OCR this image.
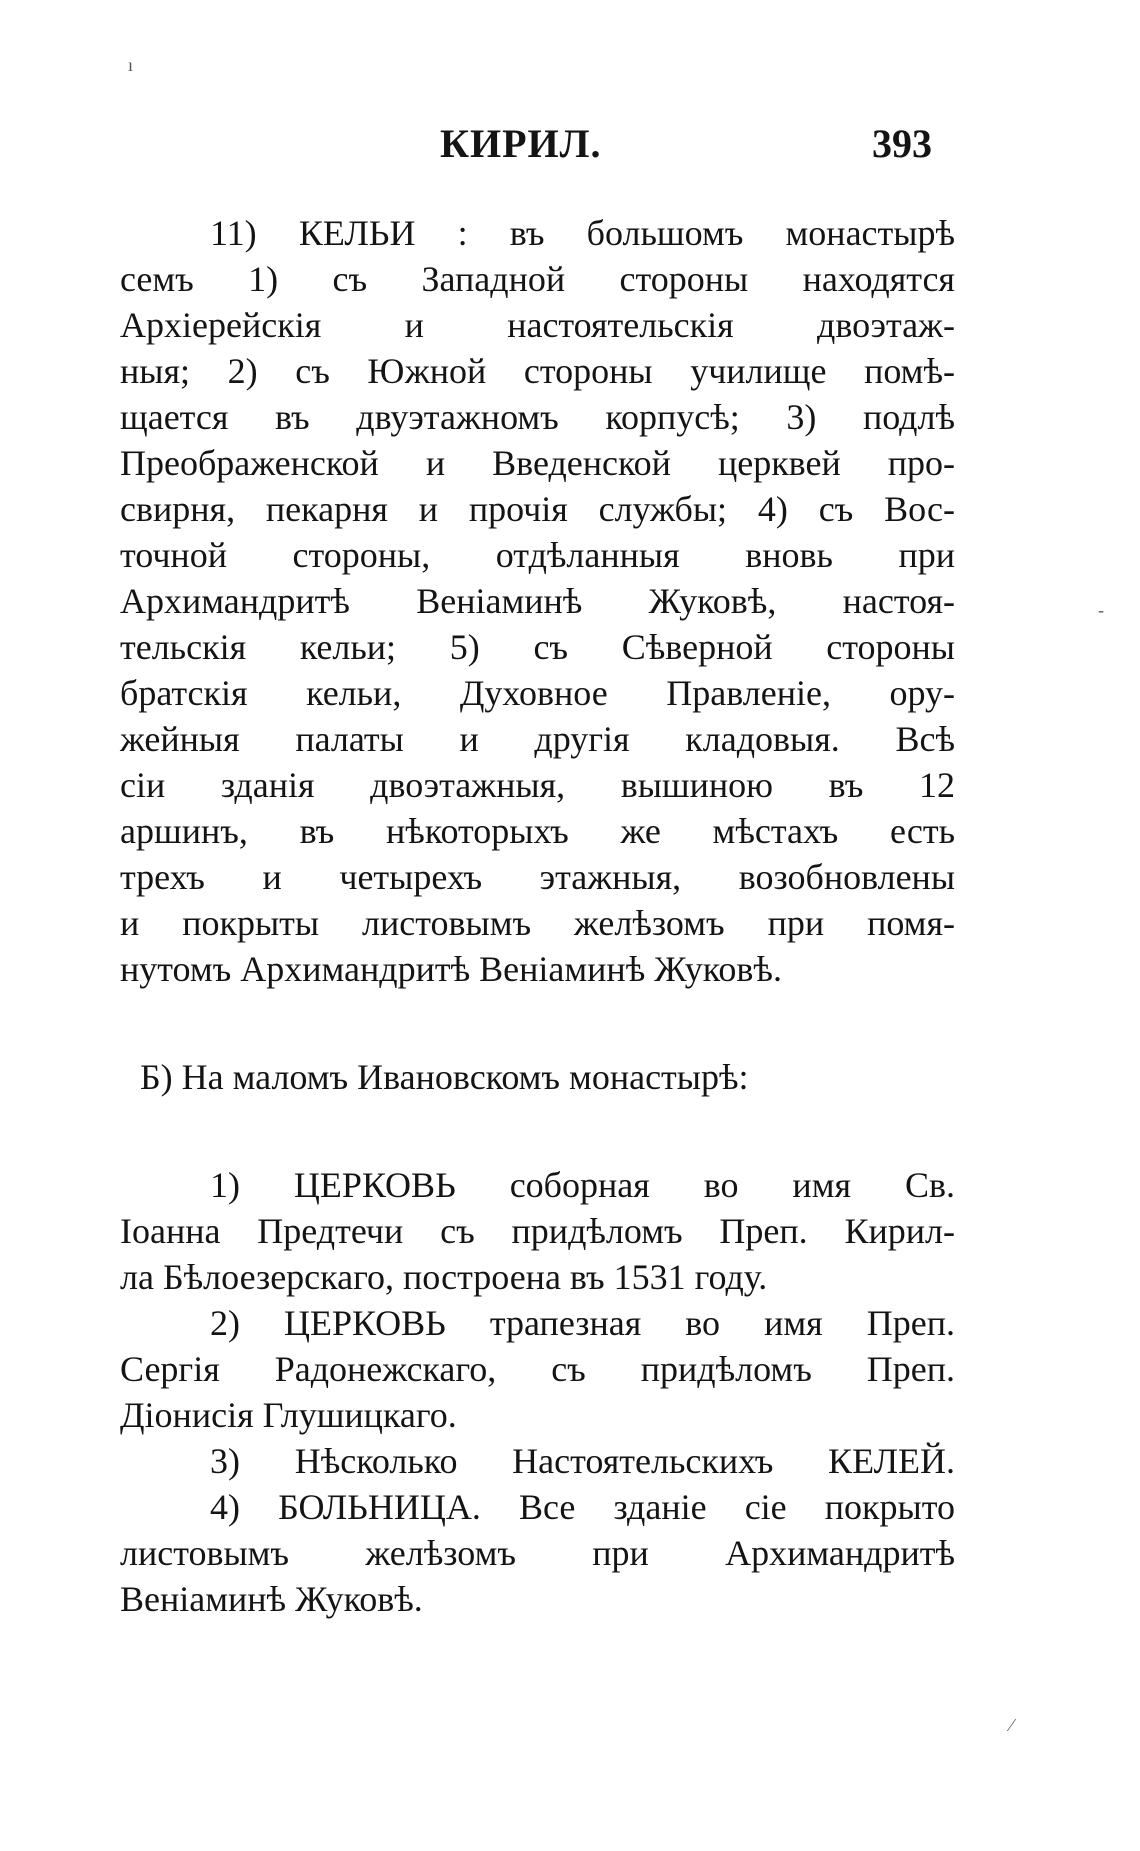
ı
-
⁄
КИРИЛ.	393
11) КЕЛЬИ : въ большомъ монастырѣ
семъ 1) съ Западной стороны находятся
Архіерейскія и настоятельскія двоэтаж-
ныя; 2) съ Южной стороны училище помѣ-
щается въ двуэтажномъ корпусѣ; 3) подлѣ
Преображенской и Введенской церквей про-
свирня, пекарня и прочія службы; 4) съ Вос-
точной стороны, отдѣланныя вновь при
Архимандритѣ Веніаминѣ Жуковѣ, настоя-
тельскія кельи; 5) съ Сѣверной стороны
братскія кельи, Духовное Правленіе, ору-
жейныя палаты и другія кладовыя. Всѣ
сіи зданія двоэтажныя, вышиною въ 12
аршинъ, въ нѣкоторыхъ же мѣстахъ есть
трехъ и четырехъ этажныя, возобновлены
и покрыты листовымъ желѣзомъ при помя-
нутомъ Архимандритѣ Веніаминѣ Жуковѣ.
Б) На маломъ Ивановскомъ монастырѣ:
1) ЦЕРКОВЬ соборная во имя Св.
Іоанна Предтечи съ придѣломъ Преп. Кирил-
ла Бѣлоезерскаго, построена въ 1531 году.
2) ЦЕРКОВЬ трапезная во имя Преп.
Сергія Радонежскаго, съ придѣломъ Преп.
Діонисія Глушицкаго.
3) Нѣсколько Настоятельскихъ КЕЛЕЙ.
4) БОЛЬНИЦА. Все зданіе сіе покрыто
листовымъ желѣзомъ при Архимандритѣ
Веніаминѣ Жуковѣ.
